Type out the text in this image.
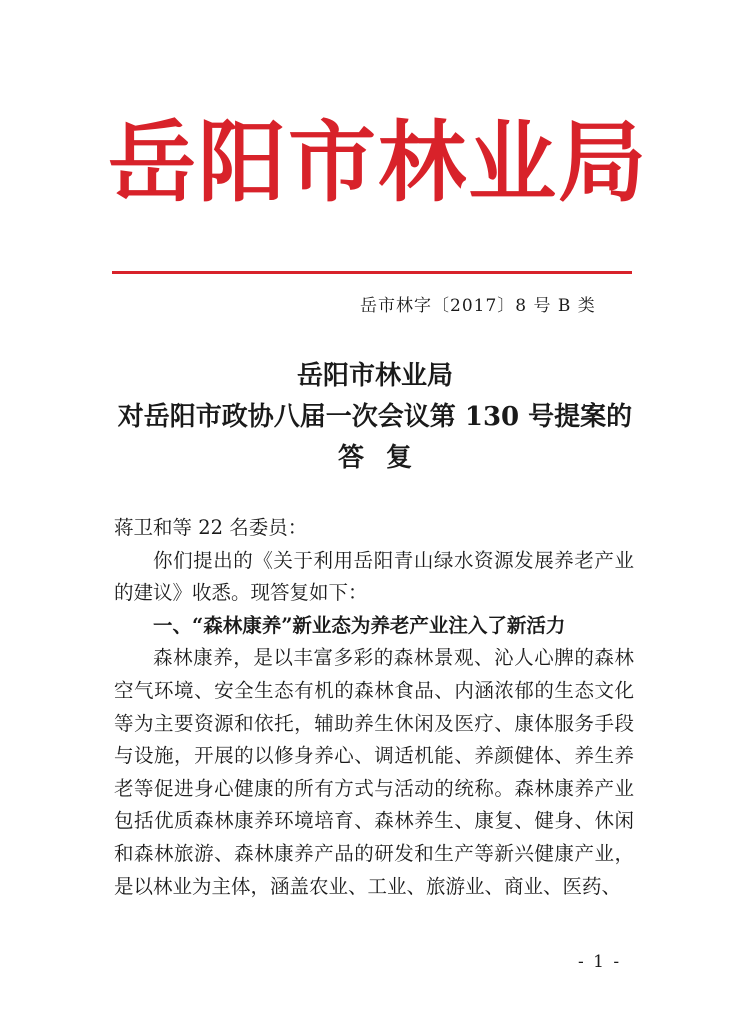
岳阳市林业局
岳市林字〔2017〕8 号 B 类
岳阳市林业局
对岳阳市政协八届一次会议第 130 号提案的
答复

蒋卫和等 22 名委员：

你们提出的《关于利用岳阳青山绿水资源发展养老产业的建议》收悉。现答复如下：

一、“森林康养”新业态为养老产业注入了新活力

森林康养，是以丰富多彩的森林景观、沁人心脾的森林空气环境、安全生态有机的森林食品、内涵浓郁的生态文化等为主要资源和依托，辅助养生休闲及医疗、康体服务手段与设施，开展的以修身养心、调适机能、养颜健体、养生养老等促进身心健康的所有方式与活动的统称。森林康养产业包括优质森林康养环境培育、森林养生、康复、健身、休闲和森林旅游、森林康养产品的研发和生产等新兴健康产业，是以林业为主体，涵盖农业、工业、旅游业、商业、医药、

- 1 -
